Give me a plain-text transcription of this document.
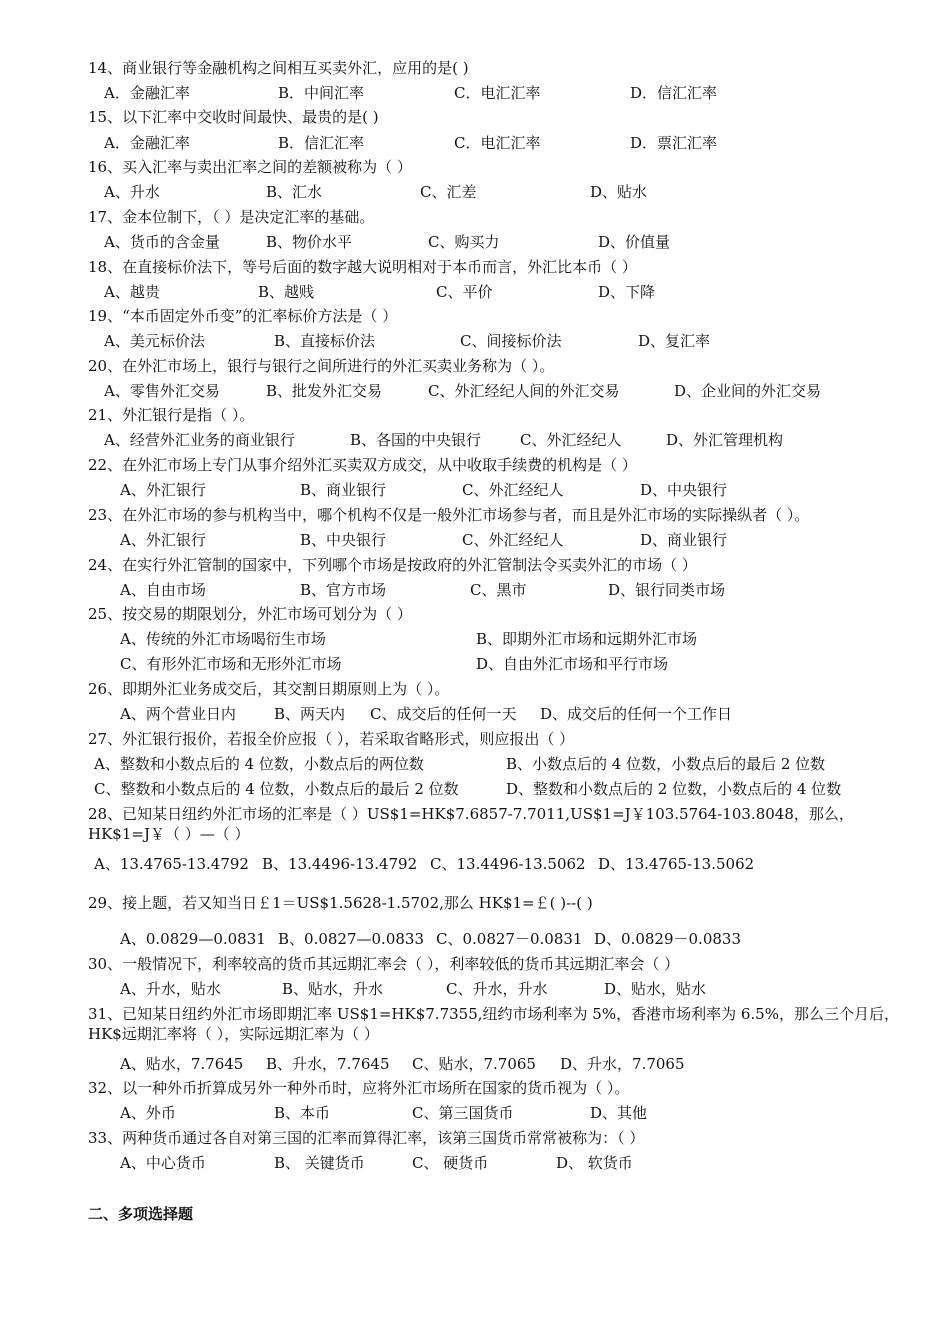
14、商业银行等金融机构之间相互买卖外汇，应用的是( )
A．金融汇率	B．中间汇率	C．电汇汇率	D．信汇汇率
15、以下汇率中交收时间最快、最贵的是( )
A．金融汇率	B．信汇汇率	C．电汇汇率	D．票汇汇率
16、买入汇率与卖出汇率之间的差额被称为（ ）
A、升水	B、汇水	C、汇差	D、贴水
17、金本位制下，（ ）是决定汇率的基础。
A、货币的含金量	B、物价水平	C、购买力	D、价值量
18、在直接标价法下，等号后面的数字越大说明相对于本币而言，外汇比本币（ ）
A、越贵	B、越贱	C、平价	D、下降
19、“本币固定外币变”的汇率标价方法是（ ）
A、美元标价法	B、直接标价法	C、间接标价法	D、复汇率
20、在外汇市场上，银行与银行之间所进行的外汇买卖业务称为（ ）。
A、零售外汇交易	B、批发外汇交易	C、外汇经纪人间的外汇交易	D、企业间的外汇交易
21、外汇银行是指（ ）。
A、经营外汇业务的商业银行	B、各国的中央银行	C、外汇经纪人	D、外汇管理机构
22、在外汇市场上专门从事介绍外汇买卖双方成交，从中收取手续费的机构是（ ）
A、外汇银行	B、商业银行	C、外汇经纪人	D、中央银行
23、在外汇市场的参与机构当中，哪个机构不仅是一般外汇市场参与者，而且是外汇市场的实际操纵者（ ）。
A、外汇银行	B、中央银行	C、外汇经纪人	D、商业银行
24、在实行外汇管制的国家中，下列哪个市场是按政府的外汇管制法令买卖外汇的市场（ ）
A、自由市场	B、官方市场	C、黑市	D、银行同类市场
25、按交易的期限划分，外汇市场可划分为（ ）
A、传统的外汇市场喝衍生市场	B、即期外汇市场和远期外汇市场
C、有形外汇市场和无形外汇市场	D、自由外汇市场和平行市场
26、即期外汇业务成交后，其交割日期原则上为（ ）。
A、两个营业日内	B、两天内 C、成交后的任何一天 D、成交后的任何一个工作日
27、外汇银行报价，若报全价应报（ ），若采取省略形式，则应报出（ ）
A、整数和小数点后的 4 位数，小数点后的两位数	B、小数点后的 4 位数，小数点后的最后 2 位数
C、整数和小数点后的 4 位数，小数点后的最后 2 位数	D、整数和小数点后的 2 位数，小数点后的 4 位数
28、已知某日纽约外汇市场的汇率是（ ）US$1=HK$7.6857-7.7011,US$1=J￥103.5764-103.8048，那么，HK$1=J￥（ ）—（ ）
A、13.4765-13.4792 B、13.4496-13.4792 C、13.4496-13.5062 D、13.4765-13.5062
29、接上题，若又知当日￡1＝US$1.5628-1.5702,那么 HK$1=￡( )--( )
A、0.0829—0.0831 B、0.0827—0.0833 C、0.0827－0.0831 D、0.0829－0.0833
30、一般情况下，利率较高的货币其远期汇率会（ ），利率较低的货币其远期汇率会（ ）
A、升水，贴水	B、贴水，升水	C、升水，升水	D、贴水，贴水
31、已知某日纽约外汇市场即期汇率 US$1=HK$7.7355,纽约市场利率为 5%，香港市场利率为 6.5%，那么三个月后，HK$远期汇率将（ ），实际远期汇率为（ ）
A、贴水，7.7645 B、升水，7.7645 C、贴水，7.7065 D、升水，7.7065
32、以一种外币折算成另外一种外币时，应将外汇市场所在国家的货币视为（ ）。
A、外币	B、本币	C、第三国货币	D、其他
33、两种货币通过各自对第三国的汇率而算得汇率，该第三国货币常常被称为：（ ）
A、中心货币	B、 关键货币	C、 硬货币	D、 软货币
二、多项选择题
